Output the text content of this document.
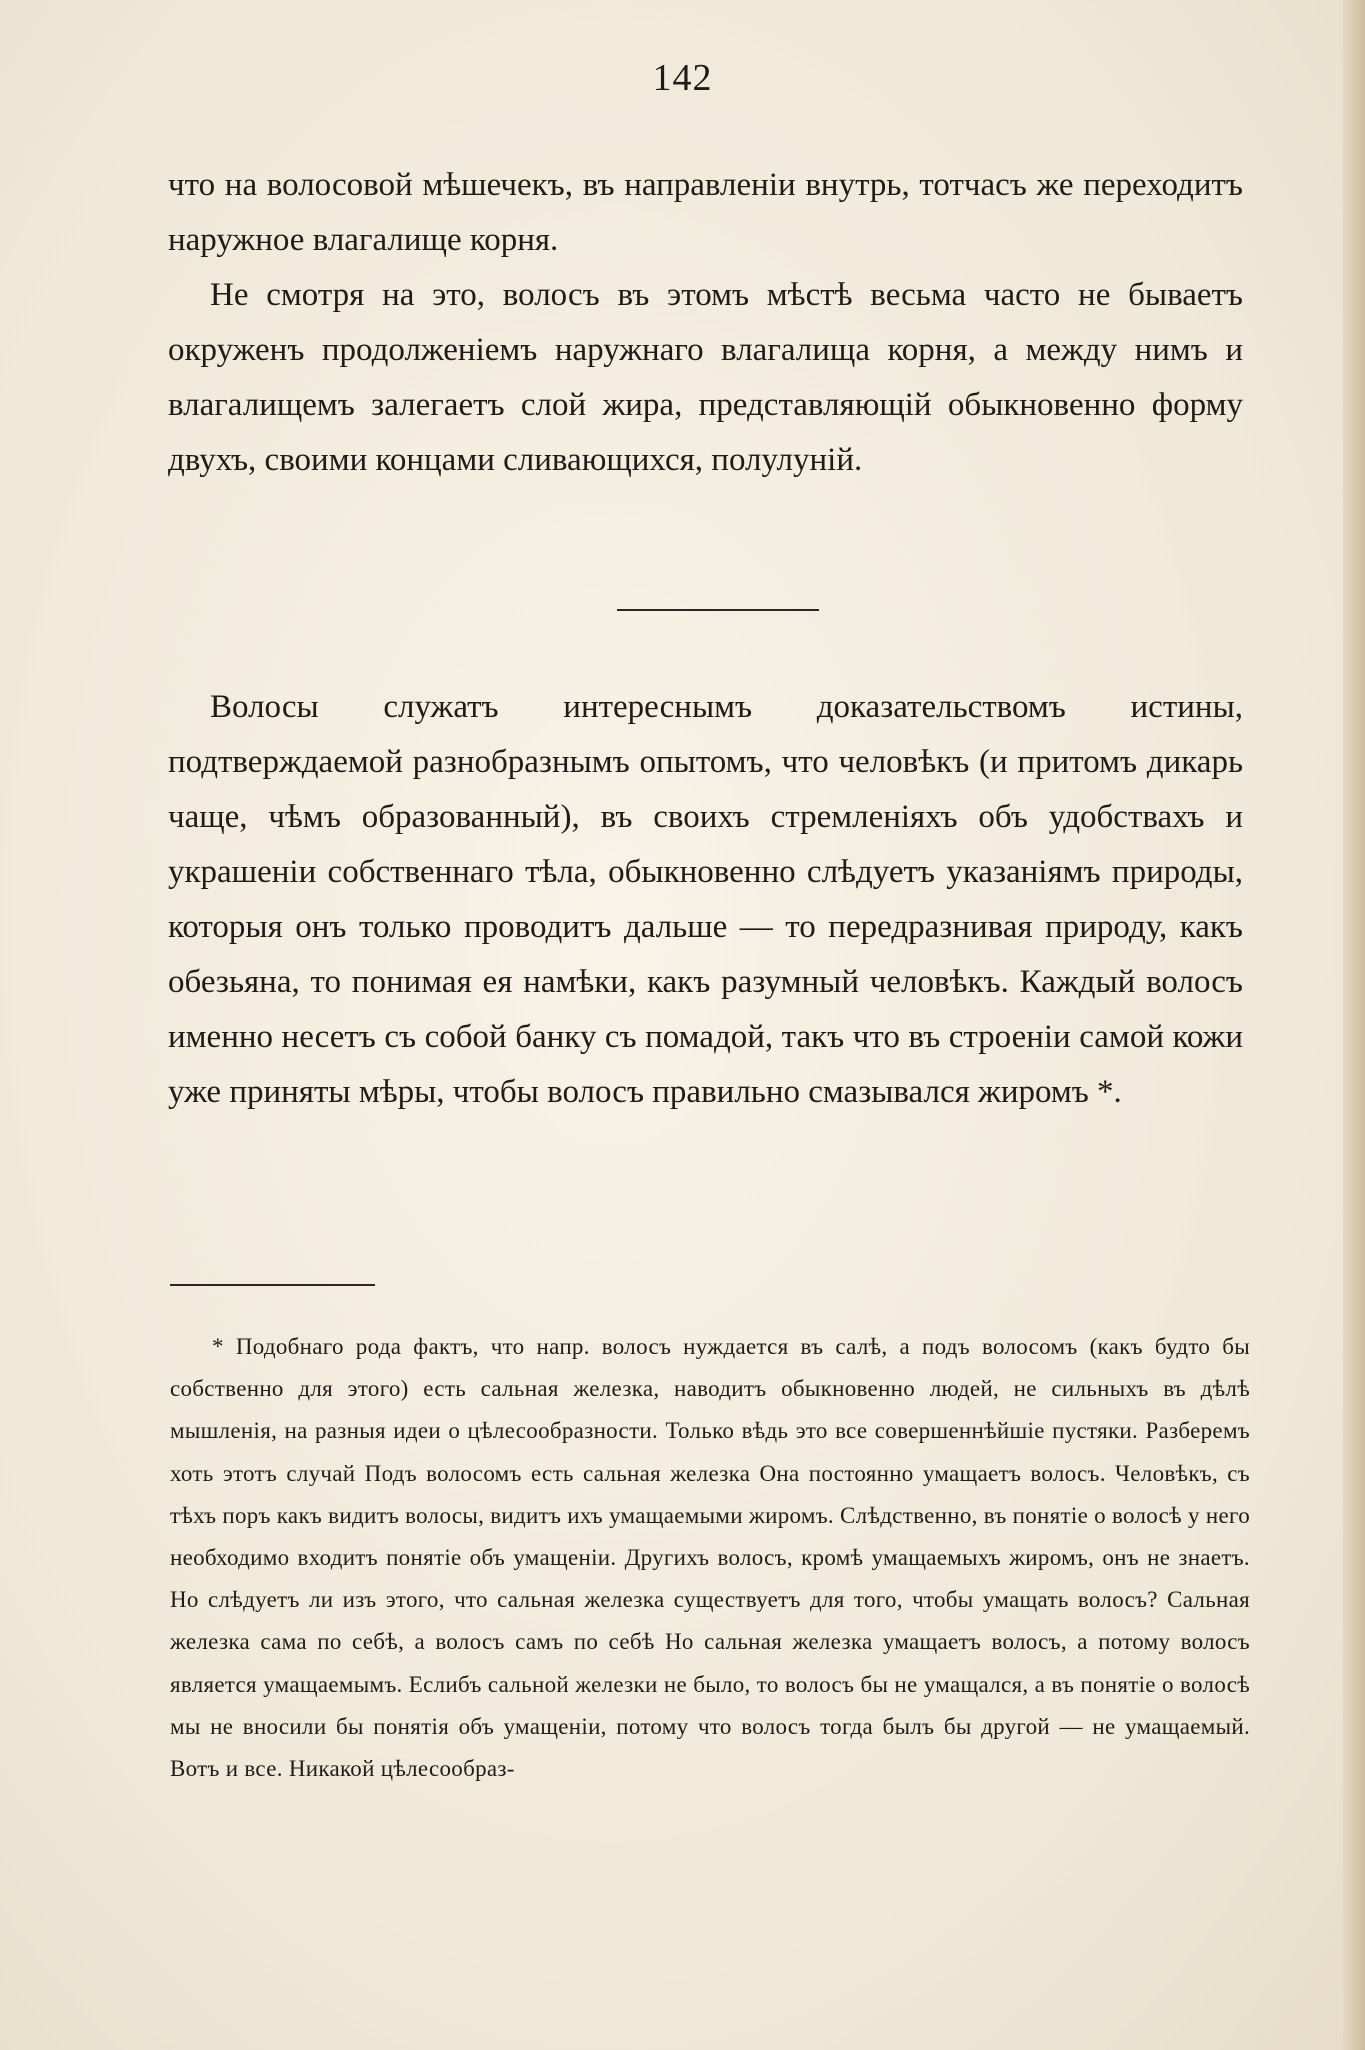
142

что на волосовой мѣшечекъ, въ направленіи внутрь, тотчасъ же переходитъ наружное влагалище корня.

Не смотря на это, волосъ въ этомъ мѣстѣ весьма часто не бываетъ окруженъ продолженіемъ наружнаго влагалища корня, а между нимъ и влагалищемъ залегаетъ слой жира, представляющій обыкновенно форму двухъ, своими концами сливающихся, полулуній.

Волосы служатъ интереснымъ доказательствомъ истины, подтверждаемой разнобразнымъ опытомъ, что человѣкъ (и притомъ дикарь чаще, чѣмъ образованный), въ своихъ стремленіяхъ объ удобствахъ и украшеніи собственнаго тѣла, обыкновенно слѣдуетъ указаніямъ природы, которыя онъ только проводитъ дальше — то передразнивая природу, какъ обезьяна, то понимая ея намѣки, какъ разумный человѣкъ. Каждый волосъ именно несетъ съ собой банку съ помадой, такъ что въ строеніи самой кожи уже приняты мѣры, чтобы волосъ правильно смазывался жиромъ *.

* Подобнаго рода фактъ, что напр. волосъ нуждается въ салѣ, а подъ волосомъ (какъ будто бы собственно для этого) есть сальная железка, наводитъ обыкновенно людей, не сильныхъ въ дѣлѣ мышленія, на разныя идеи о цѣлесообразности. Только вѣдь это все совершеннѣйшіе пустяки. Разберемъ хоть этотъ случай Подъ волосомъ есть сальная железка Она постоянно умащаетъ волосъ. Человѣкъ, съ тѣхъ поръ какъ видитъ волосы, видитъ ихъ умащаемыми жиромъ. Слѣдственно, въ понятіе о волосѣ у него необходимо входитъ понятіе объ умащеніи. Другихъ волосъ, кромѣ умащаемыхъ жиромъ, онъ не знаетъ. Но слѣдуетъ ли изъ этого, что сальная железка существуетъ для того, чтобы умащать волосъ? Сальная железка сама по себѣ, а волосъ самъ по себѣ Но сальная железка умащаетъ волосъ, а потому волосъ является умащаемымъ. Еслибъ сальной железки не было, то волосъ бы не умащался, а въ понятіе о волосѣ мы не вносили бы понятія объ умащеніи, потому что волосъ тогда былъ бы другой — не умащаемый. Вотъ и все. Никакой цѣлесообраз-
